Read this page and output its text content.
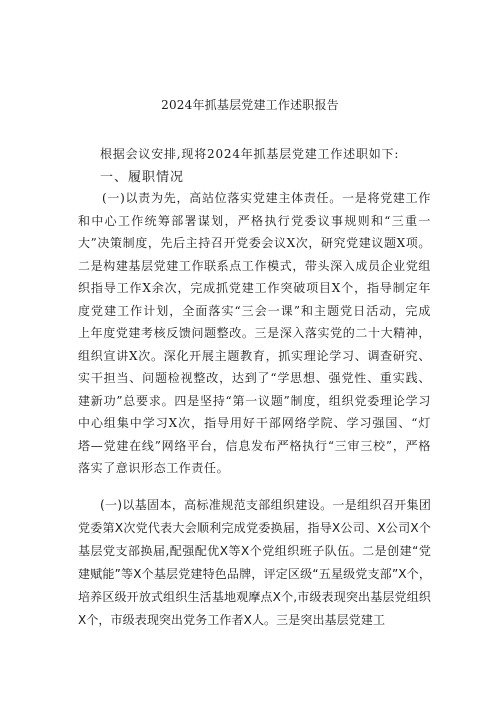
2024年抓基层党建工作述职报告
根据会议安排,现将2024年抓基层党建工作述职如下:
一、履职情况
(一)以责为先，高站位落实党建主体责任。一是将党建工作和中心工作统筹部署谋划，严格执行党委议事规则和“三重一大”决策制度，先后主持召开党委会议X次，研究党建议题X项。二是构建基层党建工作联系点工作模式，带头深入成员企业党组织指导工作X余次，完成抓党建工作突破项目X个，指导制定年度党建工作计划，全面落实“三会一课”和主题党日活动，完成上年度党建考核反馈问题整改。三是深入落实党的二十大精神，组织宣讲X次。深化开展主题教育，抓实理论学习、调查研究、实干担当、问题检视整改，达到了“学思想、强党性、重实践、建新功”总要求。四是坚持“第一议题”制度，组织党委理论学习中心组集中学习X次，指导用好干部网络学院、学习强国、“灯塔—党建在线”网络平台，信息发布严格执行“三审三校”，严格落实了意识形态工作责任。
(一)以基固本，高标准规范支部组织建设。一是组织召开集团党委第X次党代表大会顺利完成党委换届，指导X公司、X公司X个基层党支部换届,配强配优X等X个党组织班子队伍。二是创建“党建赋能”等X个基层党建特色品牌，评定区级“五星级党支部”X个，培养区级开放式组织生活基地观摩点X个,市级表现突出基层党组织X个，市级表现突出党务工作者X人。三是突出基层党建工
